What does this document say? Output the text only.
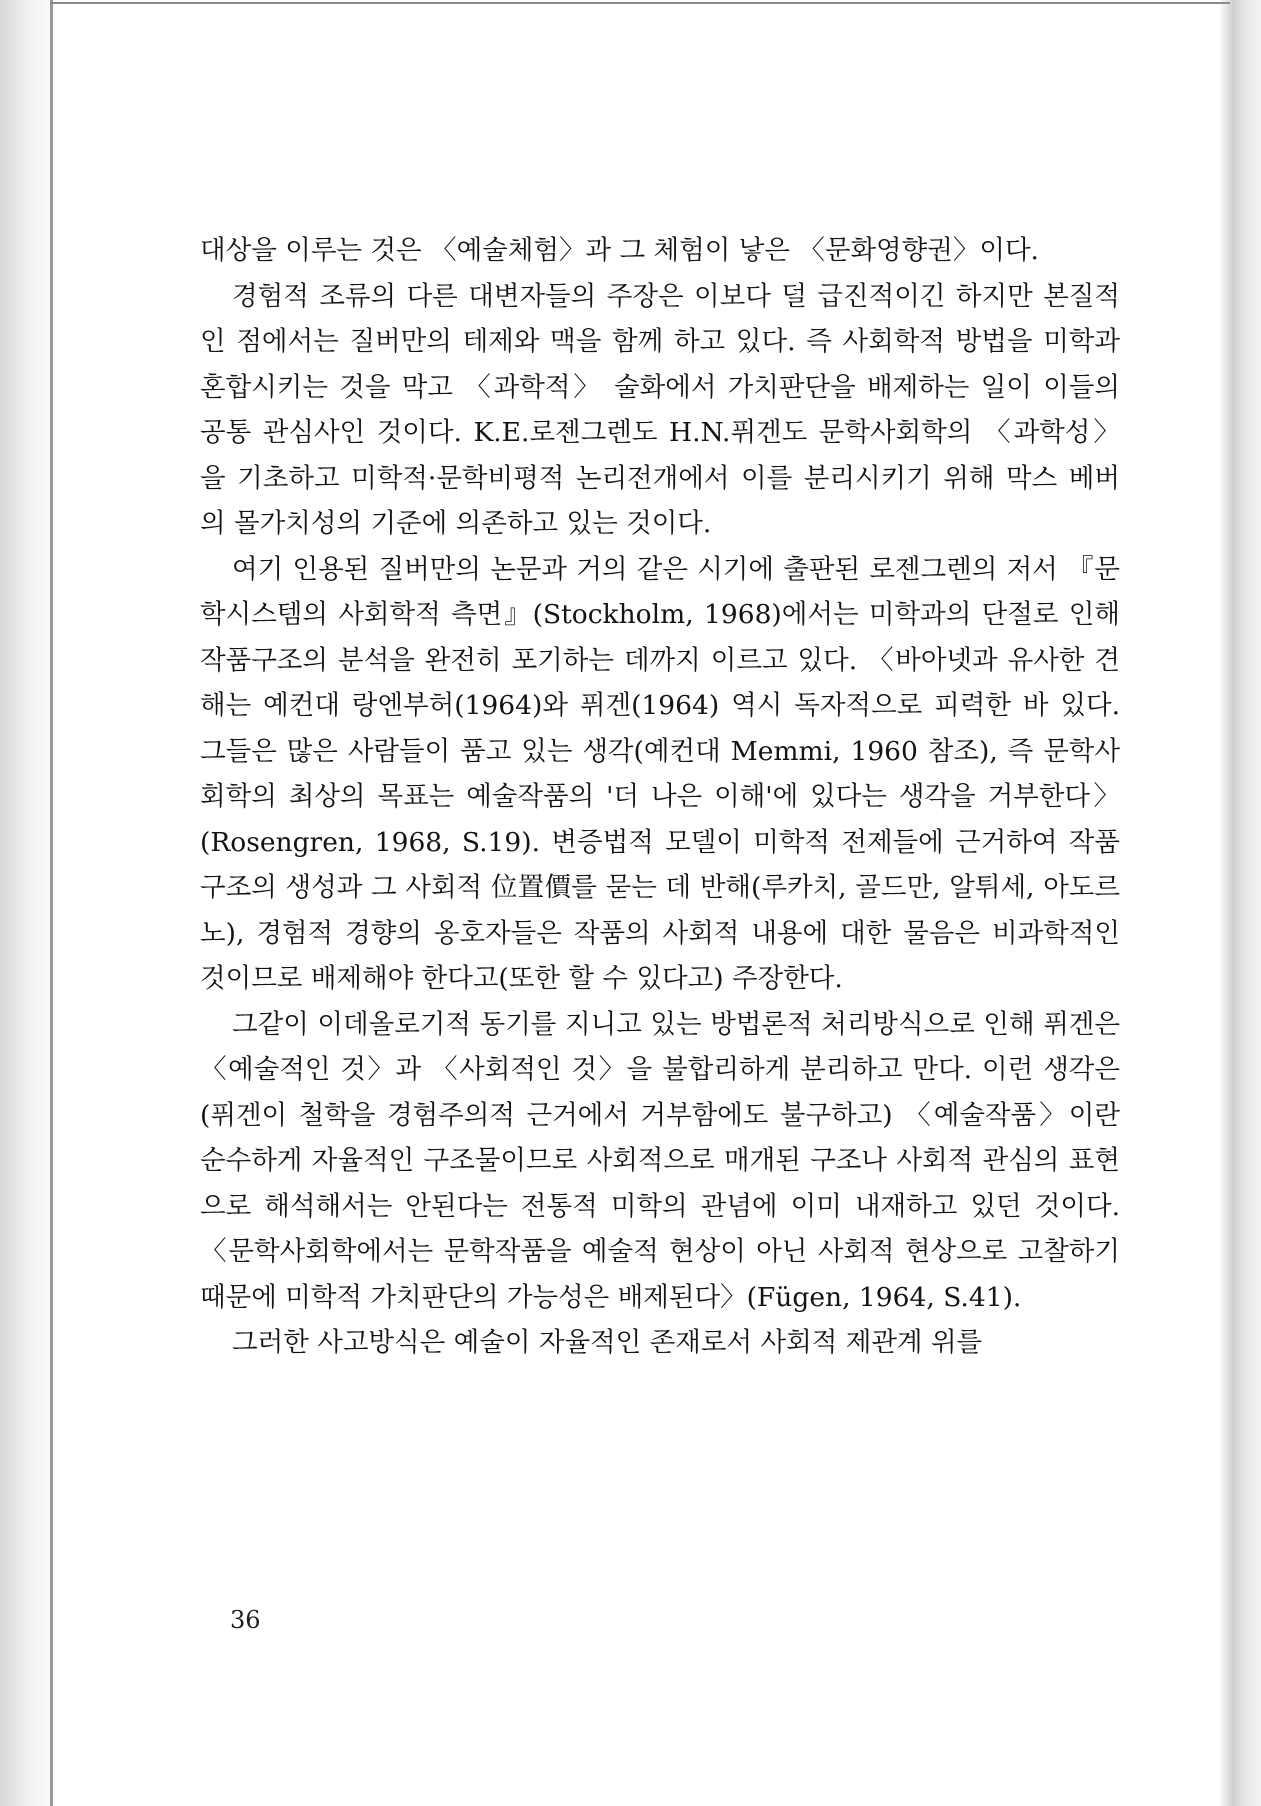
대상을 이루는 것은 〈예술체험〉과 그 체험이 낳은 〈문화영향권〉이다.

경험적 조류의 다른 대변자들의 주장은 이보다 덜 급진적이긴 하지만 본질적인 점에서는 질버만의 테제와 맥을 함께 하고 있다. 즉 사회학적 방법을 미학과 혼합시키는 것을 막고 〈과학적〉 술화에서 가치판단을 배제하는 일이 이들의 공통 관심사인 것이다. K.E.로젠그렌도 H.N.퓌겐도 문학사회학의 〈과학성〉을 기초하고 미학적·문학비평적 논리전개에서 이를 분리시키기 위해 막스 베버의 몰가치성의 기준에 의존하고 있는 것이다.

여기 인용된 질버만의 논문과 거의 같은 시기에 출판된 로젠그렌의 저서 『문학시스템의 사회학적 측면』(Stockholm, 1968)에서는 미학과의 단절로 인해 작품구조의 분석을 완전히 포기하는 데까지 이르고 있다. 〈바아넷과 유사한 견해는 예컨대 랑엔부허(1964)와 퓌겐(1964) 역시 독자적으로 피력한 바 있다. 그들은 많은 사람들이 품고 있는 생각(예컨대 Memmi, 1960 참조), 즉 문학사회학의 최상의 목표는 예술작품의 '더 나은 이해'에 있다는 생각을 거부한다〉(Rosengren, 1968, S.19). 변증법적 모델이 미학적 전제들에 근거하여 작품구조의 생성과 그 사회적 位置價를 묻는 데 반해(루카치, 골드만, 알튀세, 아도르노), 경험적 경향의 옹호자들은 작품의 사회적 내용에 대한 물음은 비과학적인 것이므로 배제해야 한다고(또한 할 수 있다고) 주장한다.

그같이 이데올로기적 동기를 지니고 있는 방법론적 처리방식으로 인해 퓌겐은 〈예술적인 것〉과 〈사회적인 것〉을 불합리하게 분리하고 만다. 이런 생각은(퓌겐이 철학을 경험주의적 근거에서 거부함에도 불구하고) 〈예술작품〉이란 순수하게 자율적인 구조물이므로 사회적으로 매개된 구조나 사회적 관심의 표현으로 해석해서는 안된다는 전통적 미학의 관념에 이미 내재하고 있던 것이다. 〈문학사회학에서는 문학작품을 예술적 현상이 아닌 사회적 현상으로 고찰하기 때문에 미학적 가치판단의 가능성은 배제된다〉(Fügen, 1964, S.41).

그러한 사고방식은 예술이 자율적인 존재로서 사회적 제관계 위를

36
